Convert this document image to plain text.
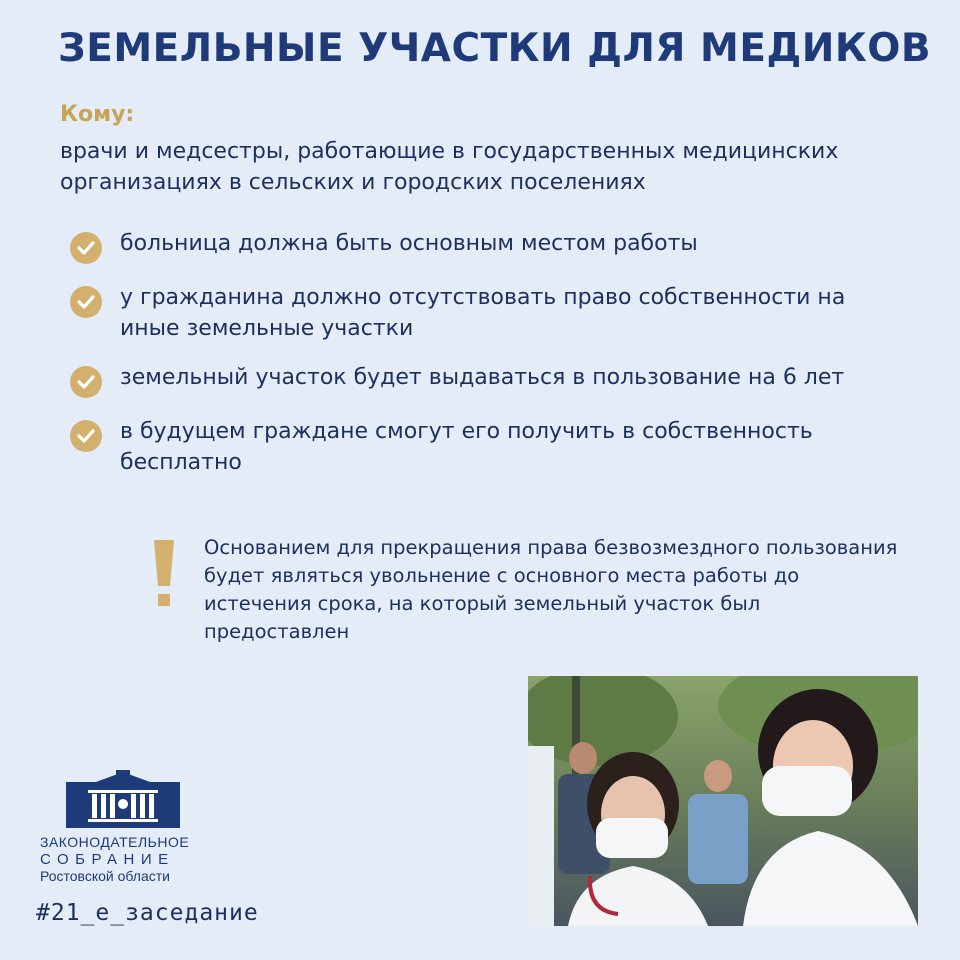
ЗЕМЕЛЬНЫЕ УЧАСТКИ ДЛЯ МЕДИКОВ
Кому:
врачи и медсестры, работающие в государственных медицинских организациях в сельских и городских поселениях
больница должна быть основным местом работы
у гражданина должно отсутствовать право собственности на иные земельные участки
земельный участок будет выдаваться в пользование на 6 лет
в будущем граждане смогут его получить в собственность бесплатно
Основанием для прекращения права безвозмездного пользования будет являться увольнение с основного места работы до истечения срока, на который земельный участок был предоставлен
ЗАКОНОДАТЕЛЬНОЕ
СОБРАНИЕ
Ростовской области
#21_е_заседание
